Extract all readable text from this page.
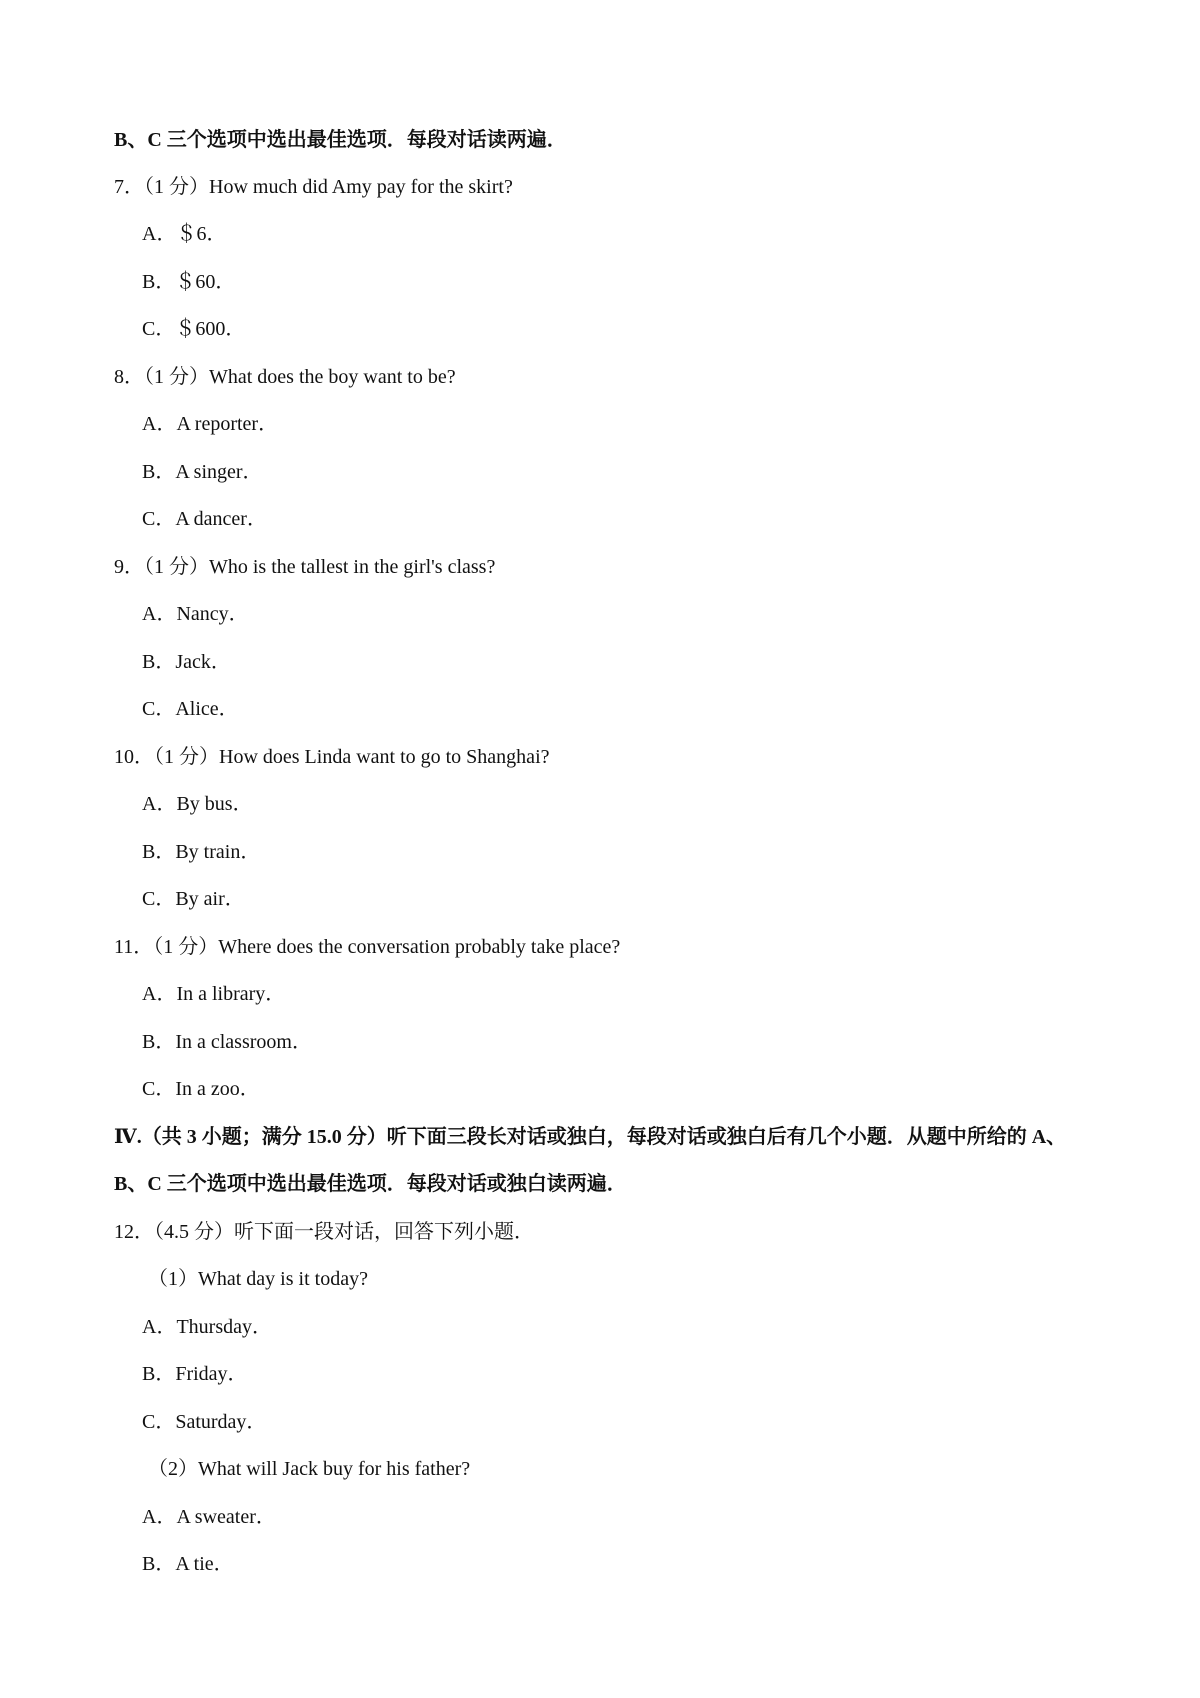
B、C 三个选项中选出最佳选项．每段对话读两遍．
7．（1 分）How much did Amy pay for the skirt?
A．＄6．
B．＄60．
C．＄600．
8．（1 分）What does the boy want to be?
A．A reporter．
B．A singer．
C．A dancer．
9．（1 分）Who is the tallest in the girl's class?
A．Nancy．
B．Jack．
C．Alice．
10．（1 分）How does Linda want to go to Shanghai?
A．By bus．
B．By train．
C．By air．
11．（1 分）Where does the conversation probably take place?
A．In a library．
B．In a classroom．
C．In a zoo．
Ⅳ.（共 3 小题；满分 15.0 分）听下面三段长对话或独白，每段对话或独白后有几个小题．从题中所给的 A、
B、C 三个选项中选出最佳选项．每段对话或独白读两遍．
12．（4.5 分）听下面一段对话，回答下列小题．
（1）What day is it today?
A．Thursday．
B．Friday．
C．Saturday．
（2）What will Jack buy for his father?
A．A sweater．
B．A tie．
